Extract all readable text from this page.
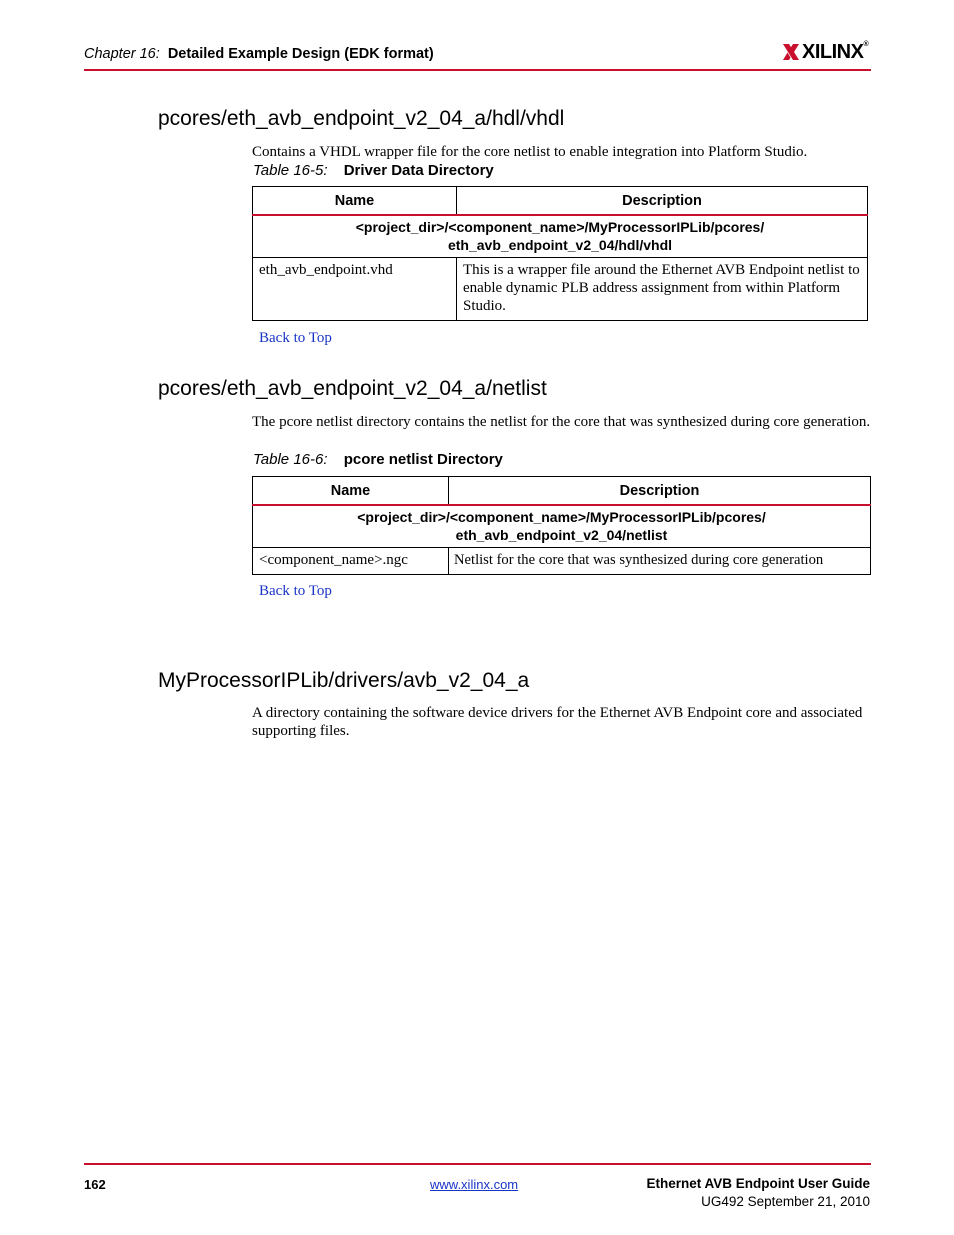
Chapter 16: Detailed Example Design (EDK format)	XILINX®
pcores/eth_avb_endpoint_v2_04_a/hdl/vhdl

Contains a VHDL wrapper file for the core netlist to enable integration into Platform Studio.

Table 16-5: Driver Data Directory
Name	Description

<project_dir>/<component_name>/MyProcessorIPLib/pcores/
eth_avb_endpoint_v2_04/hdl/vhdl	

eth_avb_endpoint.vhd	This is a wrapper file around the Ethernet AVB Endpoint netlist to enable dynamic PLB address assignment from within Platform Studio.
Back to Top
pcores/eth_avb_endpoint_v2_04_a/netlist

The pcore netlist directory contains the netlist for the core that was synthesized during core generation.

Table 16-6: pcore netlist Directory
Name	Description

<project_dir>/<component_name>/MyProcessorIPLib/pcores/
eth_avb_endpoint_v2_04/netlist	

<component_name>.ngc	Netlist for the core that was synthesized during core generation
Back to Top
MyProcessorIPLib/drivers/avb_v2_04_a

A directory containing the software device drivers for the Ethernet AVB Endpoint core and associated supporting files.

162	www.xilinx.com	Ethernet AVB Endpoint User Guide
UG492 September 21, 2010
